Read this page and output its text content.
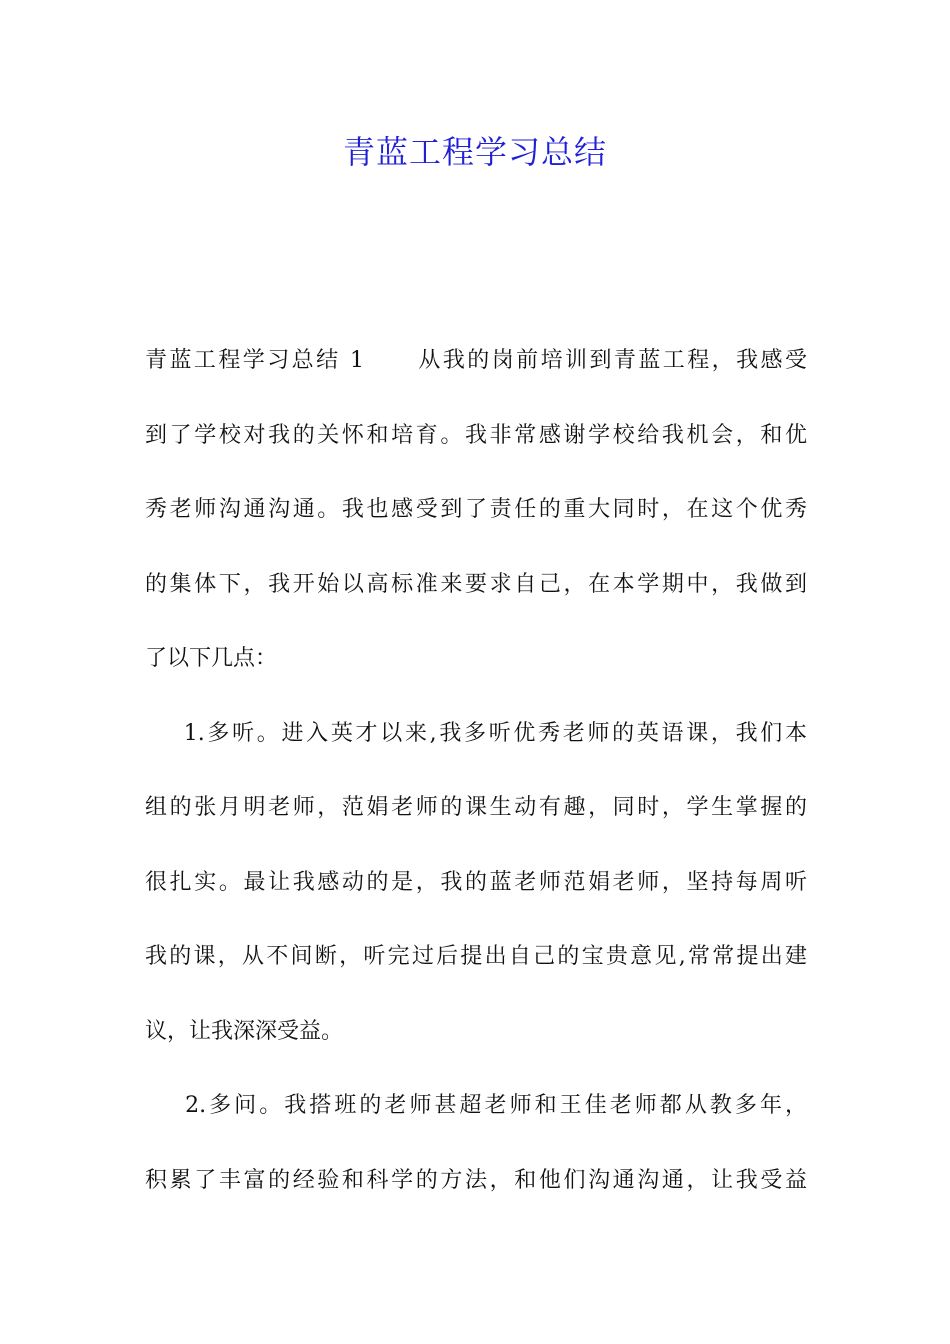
青蓝工程学习总结
青蓝工程学习总结 1 从我的岗前培训到青蓝工程，我感受
到了学校对我的关怀和培育。我非常感谢学校给我机会，和优
秀老师沟通沟通。我也感受到了责任的重大同时，在这个优秀
的集体下，我开始以高标准来要求自己，在本学期中，我做到
了以下几点：
1.多听。进入英才以来,我多听优秀老师的英语课，我们本
组的张月明老师，范娟老师的课生动有趣，同时，学生掌握的
很扎实。最让我感动的是，我的蓝老师范娟老师，坚持每周听
我的课，从不间断，听完过后提出自己的宝贵意见,常常提出建
议，让我深深受益。
2.多问。我搭班的老师甚超老师和王佳老师都从教多年，
积累了丰富的经验和科学的方法，和他们沟通沟通，让我受益
